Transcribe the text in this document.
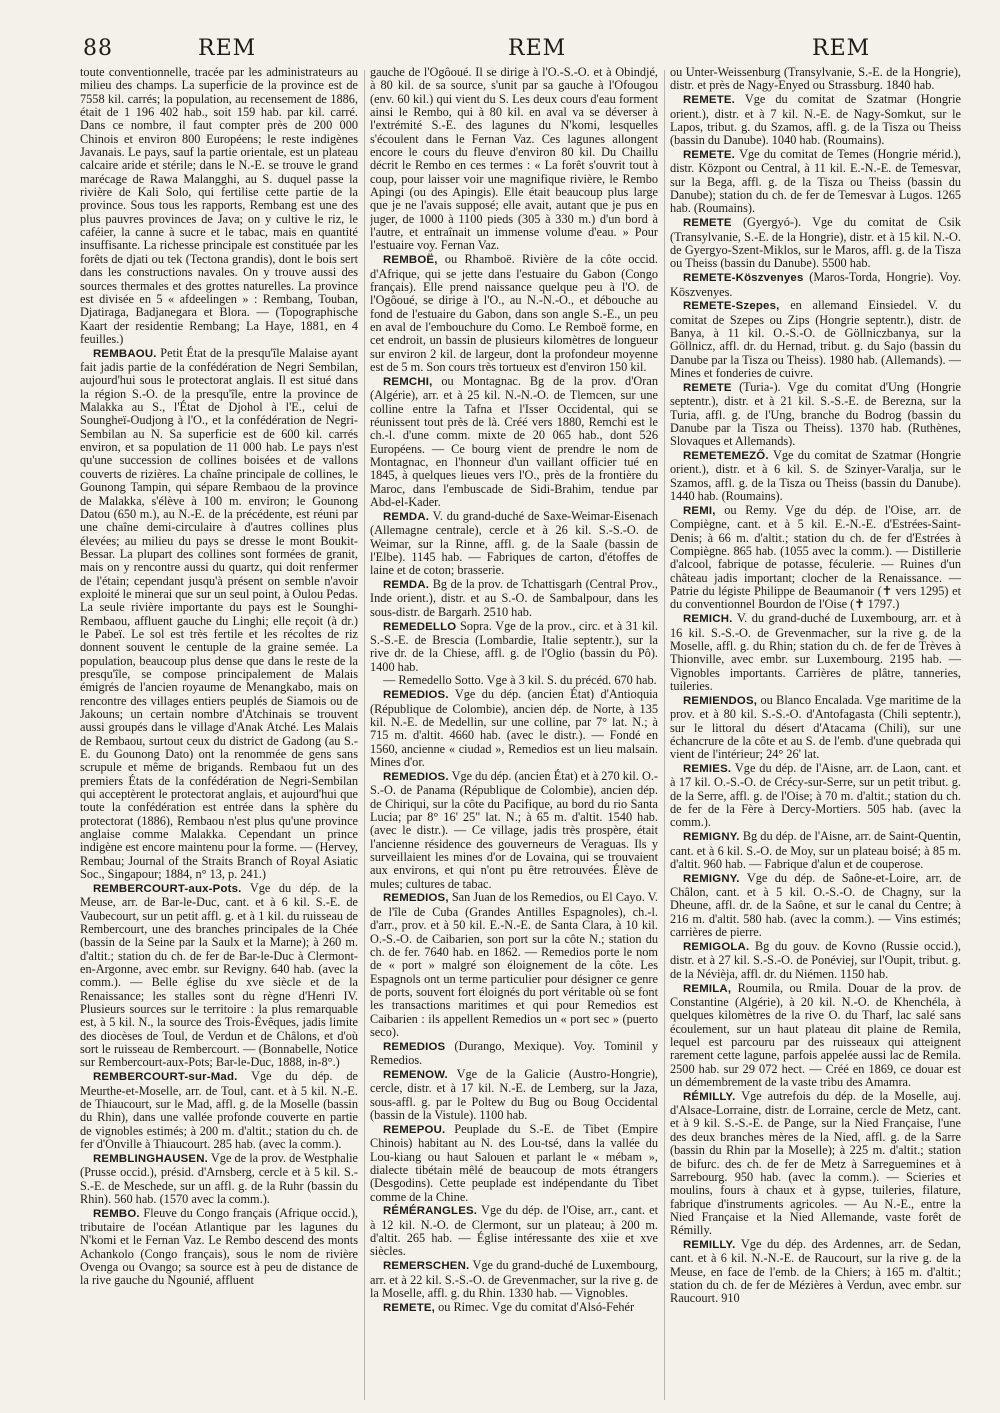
88	REM	REM	REM

toute conventionnelle, tracée par les administrateurs au milieu des champs. La superficie de la province est de 7558 kil. carrés; la population, au recensement de 1886, était de 1 196 402 hab., soit 159 hab. par kil. carré. Dans ce nombre, il faut compter près de 200 000 Chinois et environ 800 Européens; le reste indigènes Javanais. Le pays, sauf la partie orientale, est un plateau calcaire aride et stérile; dans le N.-E. se trouve le grand marécage de Rawa Malangghi, au S. duquel passe la rivière de Kali Solo, qui fertilise cette partie de la province. Sous tous les rapports, Rembang est une des plus pauvres provinces de Java; on y cultive le riz, le caféier, la canne à sucre et le tabac, mais en quantité insuffisante. La richesse principale est constituée par les forêts de djati ou tek (Tectona grandis), dont le bois sert dans les constructions navales. On y trouve aussi des sources thermales et des grottes naturelles. La province est divisée en 5 « afdeelingen » : Rembang, Touban, Djatiraga, Badjanegara et Blora. — (Topographische Kaart der residentie Rembang; La Haye, 1881, en 4 feuilles.)

REMBAOU. Petit État de la presqu'île Malaise ayant fait jadis partie de la confédération de Negri Sembilan, aujourd'hui sous le protectorat anglais. Il est situé dans la région S.-O. de la presqu'île, entre la province de Malakka au S., l'État de Djohol à l'E., celui de Soungheï-Oudjong à l'O., et la confédération de Negri-Sembilan au N. Sa superficie est de 600 kil. carrés environ, et sa population de 11 000 hab. Le pays n'est qu'une succession de collines boisées et de vallons couverts de rizières. La chaîne principale de collines, le Gounong Tampin, qui sépare Rembaou de la province de Malakka, s'élève à 100 m. environ; le Gounong Datou (650 m.), au N.-E. de la précédente, est réuni par une chaîne demi-circulaire à d'autres collines plus élevées; au milieu du pays se dresse le mont Boukit-Bessar. La plupart des collines sont formées de granit, mais on y rencontre aussi du quartz, qui doit renfermer de l'étain; cependant jusqu'à présent on semble n'avoir exploité le minerai que sur un seul point, à Oulou Pedas. La seule rivière importante du pays est le Sounghi-Rembaou, affluent gauche du Linghi; elle reçoit (à dr.) le Pabeï. Le sol est très fertile et les récoltes de riz donnent souvent le centuple de la graine semée. La population, beaucoup plus dense que dans le reste de la presqu'île, se compose principalement de Malais émigrés de l'ancien royaume de Menangkabo, mais on rencontre des villages entiers peuplés de Siamois ou de Jakouns; un certain nombre d'Atchinais se trouvent aussi groupés dans le village d'Anak Atché. Les Malais de Rembaou, surtout ceux du district de Gadong (au S.-E. du Gounong Dato) ont la renommée de gens sans scrupule et même de brigands. Rembaou fut un des premiers États de la confédération de Negri-Sembilan qui acceptèrent le protectorat anglais, et aujourd'hui que toute la confédération est entrée dans la sphère du protectorat (1886), Rembaou n'est plus qu'une province anglaise comme Malakka. Cependant un prince indigène est encore maintenu pour la forme. — (Hervey, Rembau; Journal of the Straits Branch of Royal Asiatic Soc., Singapour; 1884, n° 13, p. 241.)

REMBERCOURT-aux-Pots. Vge du dép. de la Meuse, arr. de Bar-le-Duc, cant. et à 6 kil. S.-E. de Vaubecourt, sur un petit affl. g. et à 1 kil. du ruisseau de Rembercourt, une des branches principales de la Chée (bassin de la Seine par la Saulx et la Marne); à 260 m. d'altit.; station du ch. de fer de Bar-le-Duc à Clermont-en-Argonne, avec embr. sur Revigny. 640 hab. (avec la comm.). — Belle église du xve siècle et de la Renaissance; les stalles sont du règne d'Henri IV. Plusieurs sources sur le territoire : la plus remarquable est, à 5 kil. N., la source des Trois-Évêques, jadis limite des diocèses de Toul, de Verdun et de Châlons, et d'où sort le ruisseau de Rembercourt. — (Bonnabelle, Notice sur Rembercourt-aux-Pots; Bar-le-Duc, 1888, in-8°.)

REMBERCOURT-sur-Mad. Vge du dép. de Meurthe-et-Moselle, arr. de Toul, cant. et à 5 kil. N.-E. de Thiaucourt, sur le Mad, affl. g. de la Moselle (bassin du Rhin), dans une vallée profonde couverte en partie de vignobles estimés; à 200 m. d'altit.; station du ch. de fer d'Onville à Thiaucourt. 285 hab. (avec la comm.).

REMBLINGHAUSEN. Vge de la prov. de Westphalie (Prusse occid.), présid. d'Arnsberg, cercle et à 5 kil. S.-S.-E. de Meschede, sur un affl. g. de la Ruhr (bassin du Rhin). 560 hab. (1570 avec la comm.).

REMBO. Fleuve du Congo français (Afrique occid.), tributaire de l'océan Atlantique par les lagunes du N'komi et le Fernan Vaz. Le Rembo descend des monts Achankolo (Congo français), sous le nom de rivière Ovenga ou Ovango; sa source est à peu de distance de la rive gauche du Ngounié, affluent

gauche de l'Ogôoué. Il se dirige à l'O.-S.-O. et à Obindjé, à 80 kil. de sa source, s'unit par sa gauche à l'Ofougou (env. 60 kil.) qui vient du S. Les deux cours d'eau forment ainsi le Rembo, qui à 80 kil. en aval va se déverser à l'extrémité S.-E. des lagunes du N'komi, lesquelles s'écoulent dans le Fernan Vaz. Ces lagunes allongent encore le cours du fleuve d'environ 80 kil. Du Chaillu décrit le Rembo en ces termes : « La forêt s'ouvrit tout à coup, pour laisser voir une magnifique rivière, le Rembo Apingi (ou des Apingis). Elle était beaucoup plus large que je ne l'avais supposé; elle avait, autant que je pus en juger, de 1000 à 1100 pieds (305 à 330 m.) d'un bord à l'autre, et entraînait un immense volume d'eau. » Pour l'estuaire voy. Fernan Vaz.

REMBOË, ou Rhamboë. Rivière de la côte occid. d'Afrique, qui se jette dans l'estuaire du Gabon (Congo français). Elle prend naissance quelque peu à l'O. de l'Ogôoué, se dirige à l'O., au N.-N.-O., et débouche au fond de l'estuaire du Gabon, dans son angle S.-E., un peu en aval de l'embouchure du Como. Le Remboë forme, en cet endroit, un bassin de plusieurs kilomètres de longueur sur environ 2 kil. de largeur, dont la profondeur moyenne est de 5 m. Son cours très tortueux est d'environ 150 kil.

REMCHI, ou Montagnac. Bg de la prov. d'Oran (Algérie), arr. et à 25 kil. N.-N.-O. de Tlemcen, sur une colline entre la Tafna et l'Isser Occidental, qui se réunissent tout près de là. Créé vers 1880, Remchi est le ch.-l. d'une comm. mixte de 20 065 hab., dont 526 Européens. — Ce bourg vient de prendre le nom de Montagnac, en l'honneur d'un vaillant officier tué en 1845, à quelques lieues vers l'O., près de la frontière du Maroc, dans l'embuscade de Sidi-Brahim, tendue par Abd-el-Kader.

REMDA. V. du grand-duché de Saxe-Weimar-Eisenach (Allemagne centrale), cercle et à 26 kil. S.-S.-O. de Weimar, sur la Rinne, affl. g. de la Saale (bassin de l'Elbe). 1145 hab. — Fabriques de carton, d'étoffes de laine et de coton; brasserie.

REMDA. Bg de la prov. de Tchattisgarh (Central Prov., Inde orient.), distr. et au S.-O. de Sambalpour, dans les sous-distr. de Bargarh. 2510 hab.

REMEDELLO Sopra. Vge de la prov., circ. et à 31 kil. S.-S.-E. de Brescia (Lombardie, Italie septentr.), sur la rive dr. de la Chiese, affl. g. de l'Oglio (bassin du Pô). 1400 hab.

— Remedello Sotto. Vge à 3 kil. S. du précéd. 670 hab.

REMEDIOS. Vge du dép. (ancien État) d'Antioquia (République de Colombie), ancien dép. de Norte, à 135 kil. N.-E. de Medellin, sur une colline, par 7° lat. N.; à 715 m. d'altit. 4660 hab. (avec le distr.). — Fondé en 1560, ancienne « ciudad », Remedios est un lieu malsain. Mines d'or.

REMEDIOS. Vge du dép. (ancien État) et à 270 kil. O.-S.-O. de Panama (République de Colombie), ancien dép. de Chiriqui, sur la côte du Pacifique, au bord du rio Santa Lucia; par 8° 16' 25" lat. N.; à 65 m. d'altit. 1540 hab. (avec le distr.). — Ce village, jadis très prospère, était l'ancienne résidence des gouverneurs de Veraguas. Ils y surveillaient les mines d'or de Lovaina, qui se trouvaient aux environs, et qui n'ont pu être retrouvées. Élève de mules; cultures de tabac.

REMEDIOS, San Juan de los Remedios, ou El Cayo. V. de l'île de Cuba (Grandes Antilles Espagnoles), ch.-l. d'arr., prov. et à 50 kil. E.-N.-E. de Santa Clara, à 10 kil. O.-S.-O. de Caibarien, son port sur la côte N.; station du ch. de fer. 7640 hab. en 1862. — Remedios porte le nom de « port » malgré son éloignement de la côte. Les Espagnols ont un terme particulier pour désigner ce genre de ports, souvent fort éloignés du port véritable où se font les transactions maritimes et qui pour Remedios est Caibarien : ils appellent Remedios un « port sec » (puerto seco).

REMEDIOS (Durango, Mexique). Voy. Tominil y Remedios.

REMENOW. Vge de la Galicie (Austro-Hongrie), cercle, distr. et à 17 kil. N.-E. de Lemberg, sur la Jaza, sous-affl. g. par le Poltew du Bug ou Boug Occidental (bassin de la Vistule). 1100 hab.

REMEPOU. Peuplade du S.-E. de Tibet (Empire Chinois) habitant au N. des Lou-tsé, dans la vallée du Lou-kiang ou haut Salouen et parlant le « mébam », dialecte tibétain mêlé de beaucoup de mots étrangers (Desgodins). Cette peuplade est indépendante du Tibet comme de la Chine.

RÉMÉRANGLES. Vge du dép. de l'Oise, arr., cant. et à 12 kil. N.-O. de Clermont, sur un plateau; à 200 m. d'altit. 265 hab. — Église intéressante des xiie et xve siècles.

REMERSCHEN. Vge du grand-duché de Luxembourg, arr. et à 22 kil. S.-S.-O. de Grevenmacher, sur la rive g. de la Moselle, affl. g. du Rhin. 1330 hab. — Vignobles.

REMETE, ou Rimec. Vge du comitat d'Alsó-Fehér

ou Unter-Weissenburg (Transylvanie, S.-E. de la Hongrie), distr. et près de Nagy-Enyed ou Strassburg. 1840 hab.

REMETE. Vge du comitat de Szatmar (Hongrie orient.), distr. et à 7 kil. N.-E. de Nagy-Somkut, sur le Lapos, tribut. g. du Szamos, affl. g. de la Tisza ou Theiss (bassin du Danube). 1040 hab. (Roumains).

REMETE. Vge du comitat de Temes (Hongrie mérid.), distr. Központ ou Central, à 11 kil. E.-N.-E. de Temesvar, sur la Bega, affl. g. de la Tisza ou Theiss (bassin du Danube); station du ch. de fer de Temesvar à Lugos. 1265 hab. (Roumains).

REMETE (Gyergyó-). Vge du comitat de Csik (Transylvanie, S.-E. de la Hongrie), distr. et à 15 kil. N.-O. de Gyergyo-Szent-Miklos, sur le Maros, affl. g. de la Tisza ou Theiss (bassin du Danube). 5500 hab.

REMETE-Köszvenyes (Maros-Torda, Hongrie). Voy. Köszvenyes.

REMETE-Szepes, en allemand Einsiedel. V. du comitat de Szepes ou Zips (Hongrie septentr.), distr. de Banya, à 11 kil. O.-S.-O. de Göllniczbanya, sur la Göllnicz, affl. dr. du Hernad, tribut. g. du Sajo (bassin du Danube par la Tisza ou Theiss). 1980 hab. (Allemands). — Mines et fonderies de cuivre.

REMETE (Turia-). Vge du comitat d'Ung (Hongrie septentr.), distr. et à 21 kil. S.-S.-E. de Berezna, sur la Turia, affl. g. de l'Ung, branche du Bodrog (bassin du Danube par la Tisza ou Theiss). 1370 hab. (Ruthènes, Slovaques et Allemands).

REMETEMEZŐ. Vge du comitat de Szatmar (Hongrie orient.), distr. et à 6 kil. S. de Szinyer-Varalja, sur le Szamos, affl. g. de la Tisza ou Theiss (bassin du Danube). 1440 hab. (Roumains).

REMI, ou Remy. Vge du dép. de l'Oise, arr. de Compiègne, cant. et à 5 kil. E.-N.-E. d'Estrées-Saint-Denis; à 66 m. d'altit.; station du ch. de fer d'Estrées à Compiègne. 865 hab. (1055 avec la comm.). — Distillerie d'alcool, fabrique de potasse, féculerie. — Ruines d'un château jadis important; clocher de la Renaissance. — Patrie du légiste Philippe de Beaumanoir (✝ vers 1295) et du conventionnel Bourdon de l'Oise (✝ 1797.)

REMICH. V. du grand-duché de Luxembourg, arr. et à 16 kil. S.-S.-O. de Grevenmacher, sur la rive g. de la Moselle, affl. g. du Rhin; station du ch. de fer de Trèves à Thionville, avec embr. sur Luxembourg. 2195 hab. — Vignobles importants. Carrières de plâtre, tanneries, tuileries.

REMIENDOS, ou Blanco Encalada. Vge maritime de la prov. et à 80 kil. S.-S.-O. d'Antofagasta (Chili septentr.), sur le littoral du désert d'Atacama (Chili), sur une échancrure de la côte et au S. de l'emb. d'une quebrada qui vient de l'intérieur; 24° 26' lat.

REMIES. Vge du dép. de l'Aisne, arr. de Laon, cant. et à 17 kil. O.-S.-O. de Crécy-sur-Serre, sur un petit tribut. g. de la Serre, affl. g. de l'Oise; à 70 m. d'altit.; station du ch. de fer de la Fère à Dercy-Mortiers. 505 hab. (avec la comm.).

REMIGNY. Bg du dép. de l'Aisne, arr. de Saint-Quentin, cant. et à 6 kil. S.-O. de Moy, sur un plateau boisé; à 85 m. d'altit. 960 hab. — Fabrique d'alun et de couperose.

REMIGNY. Vge du dép. de Saône-et-Loire, arr. de Châlon, cant. et à 5 kil. O.-S.-O. de Chagny, sur la Dheune, affl. dr. de la Saône, et sur le canal du Centre; à 216 m. d'altit. 580 hab. (avec la comm.). — Vins estimés; carrières de pierre.

REMIGOLA. Bg du gouv. de Kovno (Russie occid.), distr. et à 27 kil. S.-S.-O. de Ponéviej, sur l'Oupit, tribut. g. de la Névièja, affl. dr. du Niémen. 1150 hab.

REMILA, Roumila, ou Rmila. Douar de la prov. de Constantine (Algérie), à 20 kil. N.-O. de Khenchéla, à quelques kilomètres de la rive O. du Tharf, lac salé sans écoulement, sur un haut plateau dit plaine de Remila, lequel est parcouru par des ruisseaux qui atteignent rarement cette lagune, parfois appelée aussi lac de Remila. 2500 hab. sur 29 072 hect. — Créé en 1869, ce douar est un démembrement de la vaste tribu des Amamra.

RÉMILLY. Vge autrefois du dép. de la Moselle, auj. d'Alsace-Lorraine, distr. de Lorraine, cercle de Metz, cant. et à 9 kil. S.-S.-E. de Pange, sur la Nied Française, l'une des deux branches mères de la Nied, affl. g. de la Sarre (bassin du Rhin par la Moselle); à 225 m. d'altit.; station de bifurc. des ch. de fer de Metz à Sarreguemines et à Sarrebourg. 950 hab. (avec la comm.). — Scieries et moulins, fours à chaux et à gypse, tuileries, filature, fabrique d'instruments agricoles. — Au N.-E., entre la Nied Française et la Nied Allemande, vaste forêt de Rémilly.

REMILLY. Vge du dép. des Ardennes, arr. de Sedan, cant. et à 6 kil. N.-N.-E. de Raucourt, sur la rive g. de la Meuse, en face de l'emb. de la Chiers; à 165 m. d'altit.; station du ch. de fer de Mézières à Verdun, avec embr. sur Raucourt. 910
